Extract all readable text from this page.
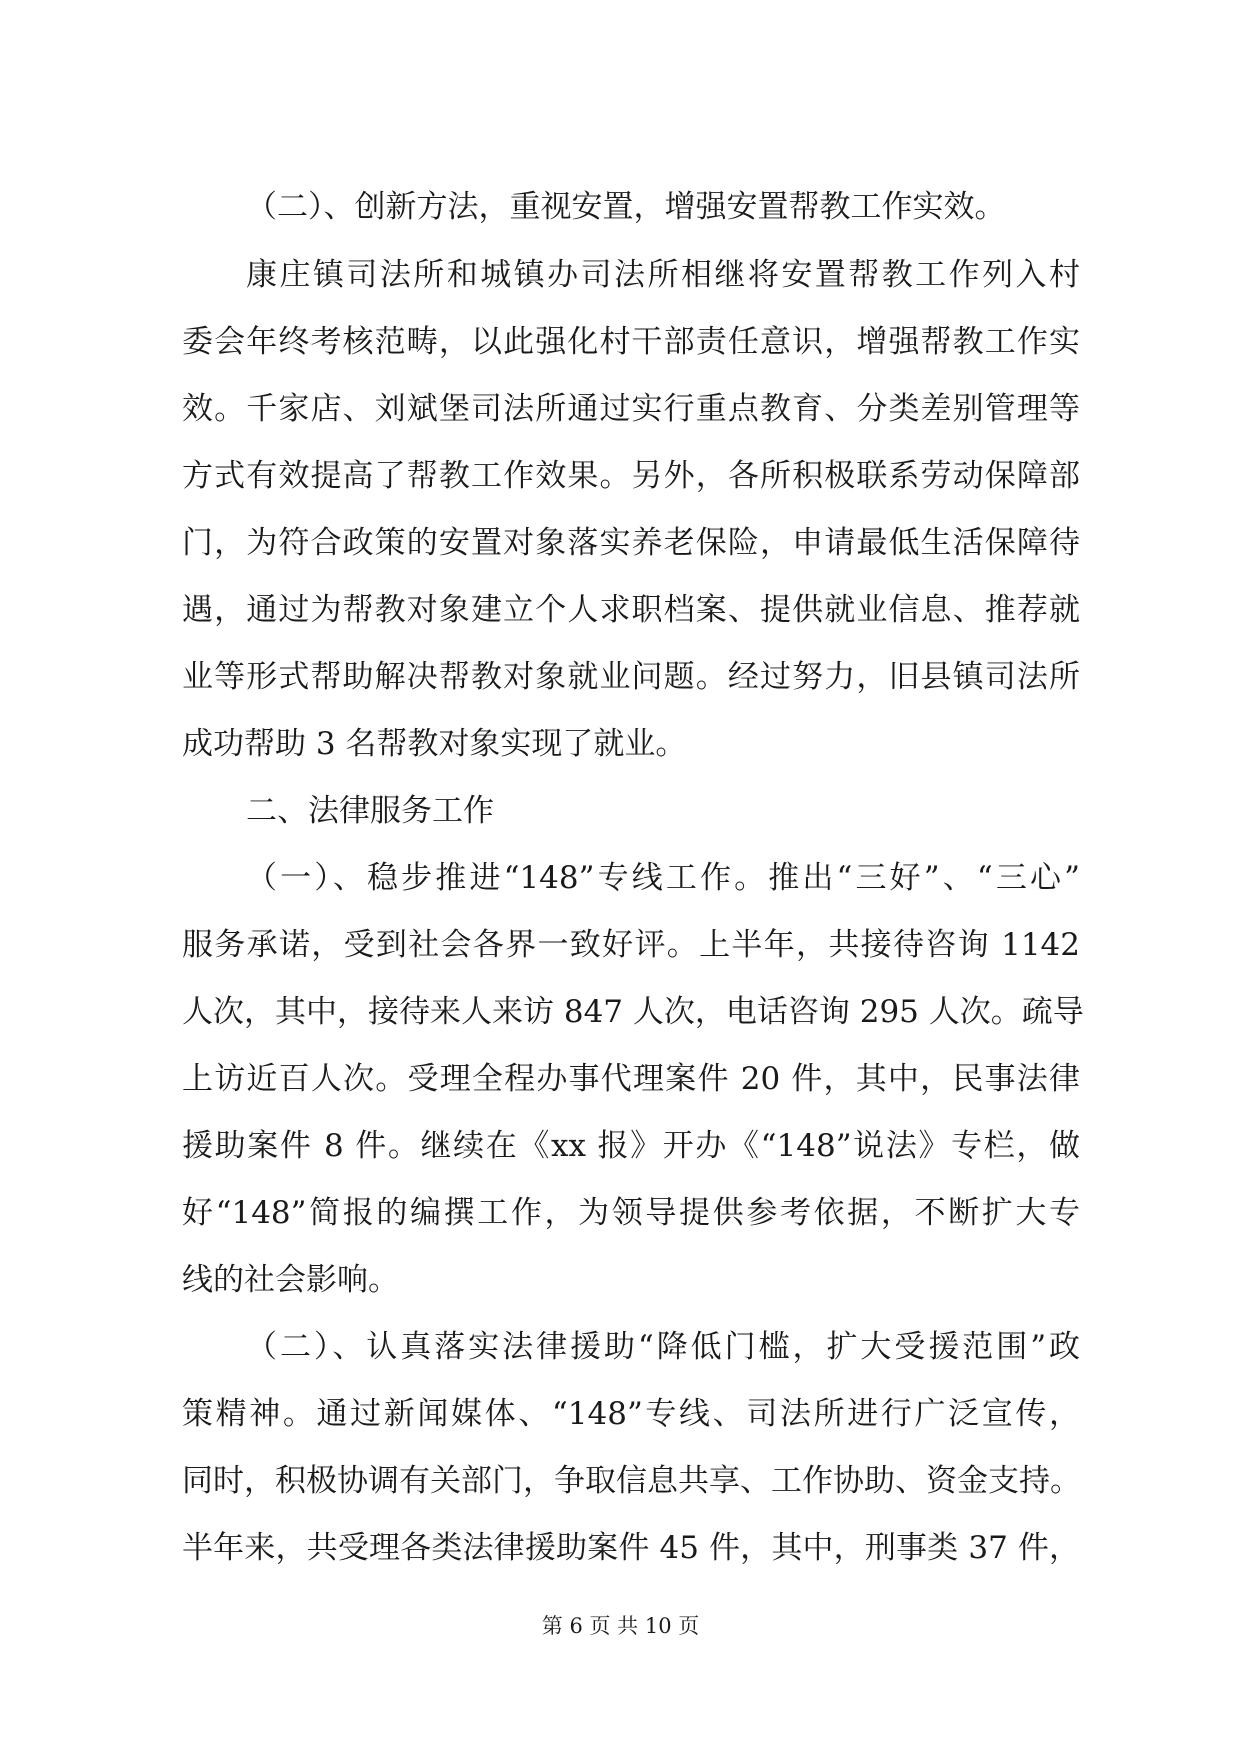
（二）、创新方法，重视安置，增强安置帮教工作实效。
康庄镇司法所和城镇办司法所相继将安置帮教工作列入村
委会年终考核范畴，以此强化村干部责任意识，增强帮教工作实
效。千家店、刘斌堡司法所通过实行重点教育、分类差别管理等
方式有效提高了帮教工作效果。另外，各所积极联系劳动保障部
门，为符合政策的安置对象落实养老保险，申请最低生活保障待
遇，通过为帮教对象建立个人求职档案、提供就业信息、推荐就
业等形式帮助解决帮教对象就业问题。经过努力，旧县镇司法所
成功帮助 3 名帮教对象实现了就业。
二、法律服务工作
（一）、稳步推进“148”专线工作。推出“三好”、“三心”
服务承诺，受到社会各界一致好评。上半年，共接待咨询 1142
人次，其中，接待来人来访 847 人次，电话咨询 295 人次。疏导
上访近百人次。受理全程办事代理案件 20 件，其中，民事法律
援助案件 8 件。继续在《xx 报》开办《“148”说法》专栏，做
好“148”简报的编撰工作，为领导提供参考依据，不断扩大专
线的社会影响。
（二）、认真落实法律援助“降低门槛，扩大受援范围”政
策精神。通过新闻媒体、“148”专线、司法所进行广泛宣传，
同时，积极协调有关部门，争取信息共享、工作协助、资金支持。
半年来，共受理各类法律援助案件 45 件，其中，刑事类 37 件，
第 6 页 共 10 页
